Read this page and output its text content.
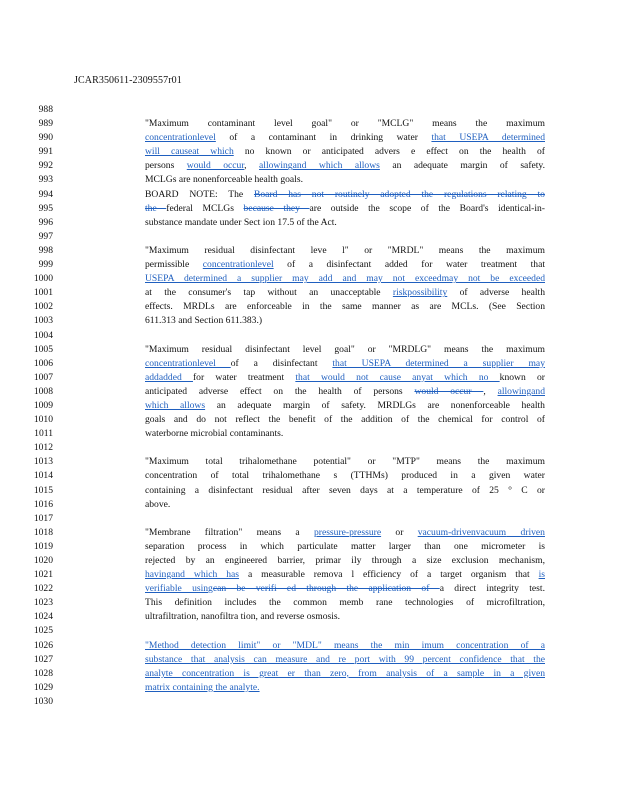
JCAR350611-2309557r01
988
989
990
991
992
993
994
995
996
997
998
999
1000
1001
1002
1003
1004
1005
1006
1007
1008
1009
1010
1011
1012
1013
1014
1015
1016
1017
1018
1019
1020
1021
1022
1023
1024
1025
1026
1027
1028
1029
1030

"Maximum contaminant level goal" or "MCLG" means the maximum
concentrationlevel of a contaminant in drinking water that USEPA determined
will causeat which no known or anticipated advers e effect on the health of
persons would occur, allowingand which allows an adequate margin of safety.
MCLGs are nonenforceable health goals.
BOARD NOTE: The Board has not routinely adopted the regulations relating to
the federal MCLGs because they are outside the scope of the Board's identical-in-
substance mandate under Sect ion 17.5 of the Act.

"Maximum residual disinfectant leve l" or "MRDL" means the maximum
permissible concentrationlevel of a disinfectant added for water treatment that
USEPA determined a supplier may add and may not exceedmay not be exceeded
at the consumer's tap without an unacceptable riskpossibility of adverse health
effects. MRDLs are enforceable in the same manner as are MCLs. (See Section
611.313 and Section 611.383.)

"Maximum residual disinfectant level goal" or "MRDLG" means the maximum
concentrationlevel of a disinfectant that USEPA determined a supplier may
addadded for water treatment that would not cause anyat which no known or
anticipated adverse effect on the health of persons would occur , allowingand
which allows an adequate margin of safety. MRDLGs are nonenforceable health
goals and do not reflect the benefit of the addition of the chemical for control of
waterborne microbial contaminants.

"Maximum total trihalomethane potential" or "MTP" means the maximum
concentration of total trihalomethane s (TTHMs) produced in a given water
containing a disinfectant residual after seven days at a temperature of 25 ° C or
above.

"Membrane filtration" means a pressure-pressure or vacuum-drivenvacuum driven
separation process in which particulate matter larger than one micrometer is
rejected by an engineered barrier, primar ily through a size exclusion mechanism,
havingand which has a measurable remova l efficiency of a target organism that is
verifiable usingcan be verifi ed through the application of a direct integrity test.
This definition includes the common memb rane technologies of microfiltration,
ultrafiltration, nanofiltra tion, and reverse osmosis.

"Method detection limit" or "MDL" means the min imum concentration of a
substance that analysis can measure and re port with 99 percent confidence that the
analyte concentration is great er than zero, from analysis of a sample in a given
matrix containing the analyte.
